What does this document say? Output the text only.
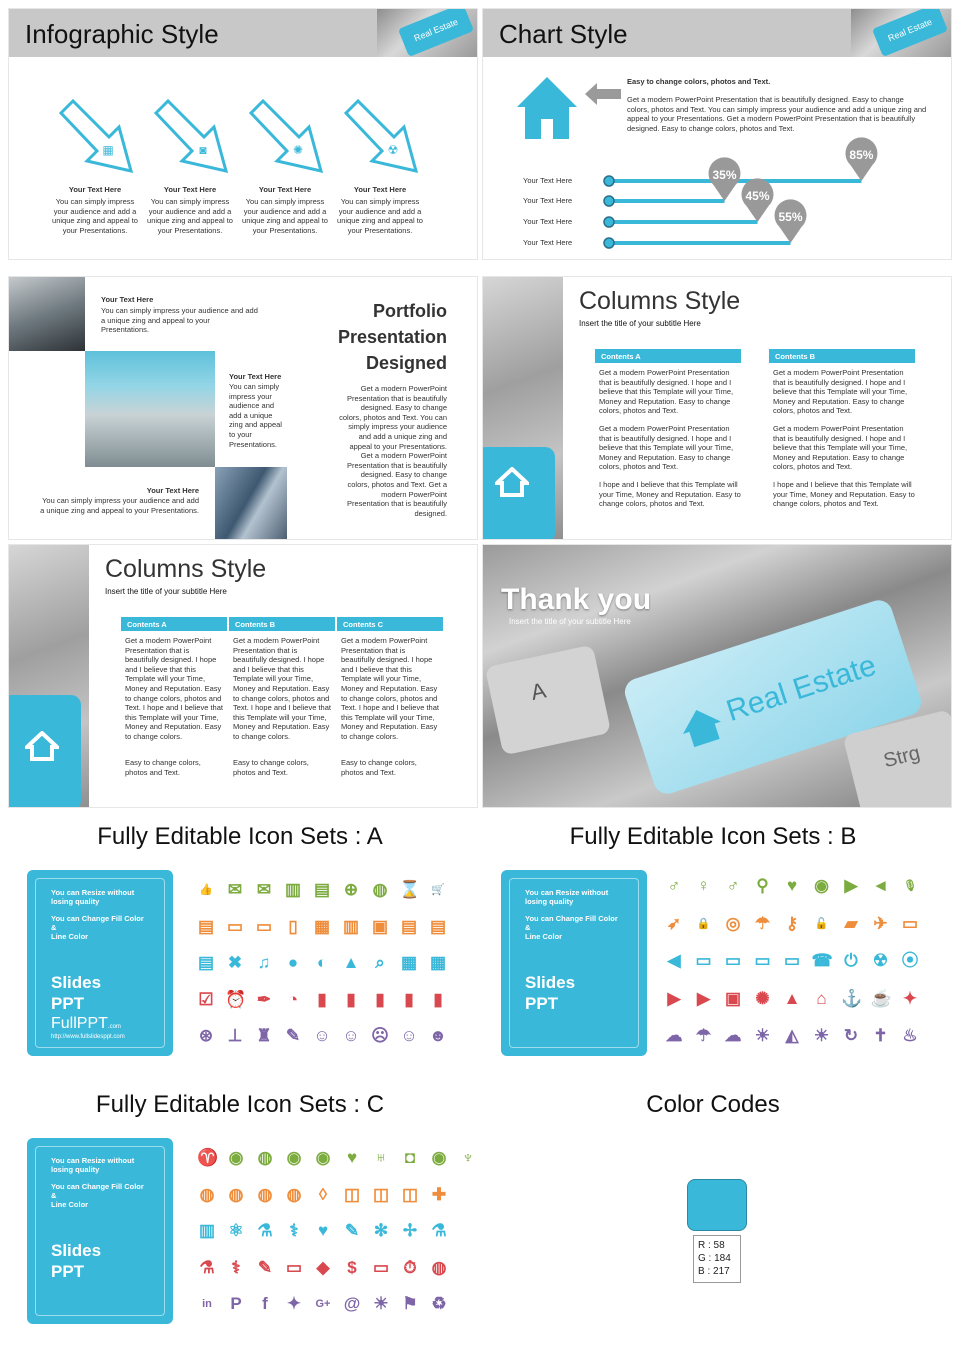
Infographic Style	Real Estate
▦
Your Text Here
You can simply impress your audience and add a unique zing and appeal to your Presentations.
◙
Your Text Here
You can simply impress your audience and add a unique zing and appeal to your Presentations.
✺
Your Text Here
You can simply impress your audience and add a unique zing and appeal to your Presentations.
☢
Your Text Here
You can simply impress your audience and add a unique zing and appeal to your Presentations.
Chart Style	Real Estate
Easy to change colors, photos and Text.
Get a modern PowerPoint Presentation that is beautifully designed. Easy to change colors, photos and Text. You can simply impress your audience and add a unique zing and appeal to your Presentations. Get a modern PowerPoint Presentation that is beautifully designed. Easy to change colors, photos and Text.
85%
35%
45%
55%
Your Text Here
Your Text Here
Your Text Here
Your Text Here
Your Text Here
You can simply impress your audience and add a unique zing and appeal to your Presentations.
Your Text Here
You can simply impress your audience and add a unique zing and appeal to your Presentations.
Your Text Here
You can simply impress your audience and add a unique zing and appeal to your Presentations.
Portfolio
Presentation
Designed
Get a modern PowerPoint Presentation that is beautifully designed. Easy to change colors, photos and Text. You can simply impress your audience and add a unique zing and appeal to your Presentations. Get a modern PowerPoint Presentation that is beautifully designed. Easy to change colors, photos and Text. Get a modern PowerPoint Presentation that is beautifully designed.
Columns Style
Insert the title of your subtitle Here
Contents A
Get a modern PowerPoint Presentation that is beautifully designed. I hope and I believe that this Template will your Time, Money and Reputation. Easy to change colors, photos and Text.
Get a modern PowerPoint Presentation that is beautifully designed. I hope and I believe that this Template will your Time, Money and Reputation. Easy to change colors, photos and Text.
I hope and I believe that this Template will your Time, Money and Reputation. Easy to change colors, photos and Text.
Contents B
Get a modern PowerPoint Presentation that is beautifully designed. I hope and I believe that this Template will your Time, Money and Reputation. Easy to change colors, photos and Text.
Get a modern PowerPoint Presentation that is beautifully designed. I hope and I believe that this Template will your Time, Money and Reputation. Easy to change colors, photos and Text.
I hope and I believe that this Template will your Time, Money and Reputation. Easy to change colors, photos and Text.
Columns Style
Insert the title of your subtitle Here
Contents A
Get a modern PowerPoint Presentation that is beautifully designed. I hope and I believe that this Template will your Time, Money and Reputation. Easy to change colors, photos and Text. I hope and I believe that this Template will your Time, Money and Reputation. Easy to change colors.
Easy to change colors, photos and Text.
Contents B
Get a modern PowerPoint Presentation that is beautifully designed. I hope and I believe that this Template will your Time, Money and Reputation. Easy to change colors, photos and Text. I hope and I believe that this Template will your Time, Money and Reputation. Easy to change colors.
Easy to change colors, photos and Text.
Contents C
Get a modern PowerPoint Presentation that is beautifully designed. I hope and I believe that this Template will your Time, Money and Reputation. Easy to change colors, photos and Text. I hope and I believe that this Template will your Time, Money and Reputation. Easy to change colors.
Easy to change colors, photos and Text.
A	Real Estate
Strg
Thank you
Insert the title of your subtitle Here
Fully Editable Icon Sets : A	Fully Editable Icon Sets : B
Fully Editable Icon Sets : C	Color Codes
You can Resize without
losing quality
You can Change Fill Color
&
Line Color
Slides
PPT
FullPPT.com
http://www.fullslidesppt.com
You can Resize without
losing quality
You can Change Fill Color
&
Line Color
Slides
PPT
You can Resize without
losing quality
You can Change Fill Color
&
Line Color
Slides
PPT
👍 ✉ ✉ ▥ ▤ ⊕ ◍ ⌛ 🛒
▤ ▭ ▭ ▯ ▦ ▥ ▣ ▤ ▤
▤ ✖ ♫ ● ◐ ▲ ⌕ ▦ ▦
☑ ⏰ ✒ ◔	▮	▮	▮	▮	▮
⊛ ⊥ ♜ ✎ ☺ ☺ ☹ ☺ ☻
♂ ♀ ♂ ⚲ ♥ ◉ ▶ ◄ 🎙
➶ 🔒 ◎ ☂ ⚷	🔓 ▰ ✈ ▭
◀ ▭ ▭ ▭ ▭ ☎ ⏻ ☢ ⦿
▶ ▶ ▣ ✺ ▲ ⌂ ⚓ ☕ ✦
☁ ☂ ☁ ☀ ◭ ☀ ↻ ✝ ♨
♈ ◉ ◍ ◉ ◉ ♥ ♅ ◘ ◉ ♆
◍ ◍ ◍ ◍	◊ ◫ ◫ ◫ ✚
▥ ⚛ ⚗ ⚕	♥ ✎ ✻ ✢ ⚗
⚗ ⚕	✎ ▭ ◆	$ ▭ ⏱ ◍
in	P	f	✦ G+ @ ☀ ⚑ ♻
R : 58
G : 184
B : 217
